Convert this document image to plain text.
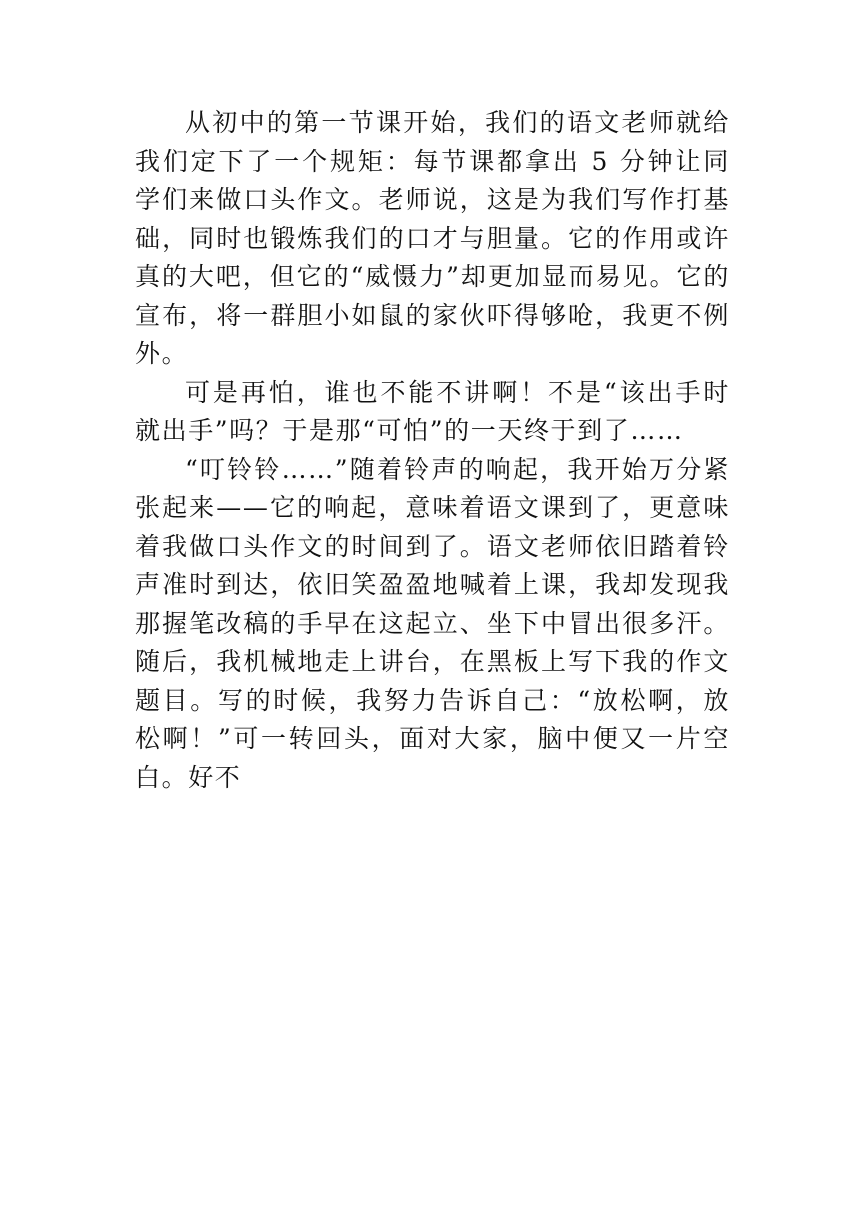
从初中的第一节课开始，我们的语文老师就给我们定下了一个规矩：每节课都拿出 5 分钟让同学们来做口头作文。老师说，这是为我们写作打基础，同时也锻炼我们的口才与胆量。它的作用或许真的大吧，但它的“威慑力”却更加显而易见。它的宣布，将一群胆小如鼠的家伙吓得够呛，我更不例外。

可是再怕，谁也不能不讲啊！不是“该出手时就出手”吗？于是那“可怕”的一天终于到了……

“叮铃铃……”随着铃声的响起，我开始万分紧张起来——它的响起，意味着语文课到了，更意味着我做口头作文的时间到了。语文老师依旧踏着铃声准时到达，依旧笑盈盈地喊着上课，我却发现我那握笔改稿的手早在这起立、坐下中冒出很多汗。随后，我机械地走上讲台，在黑板上写下我的作文题目。写的时候，我努力告诉自己：“放松啊，放松啊！”可一转回头，面对大家，脑中便又一片空白。好不
